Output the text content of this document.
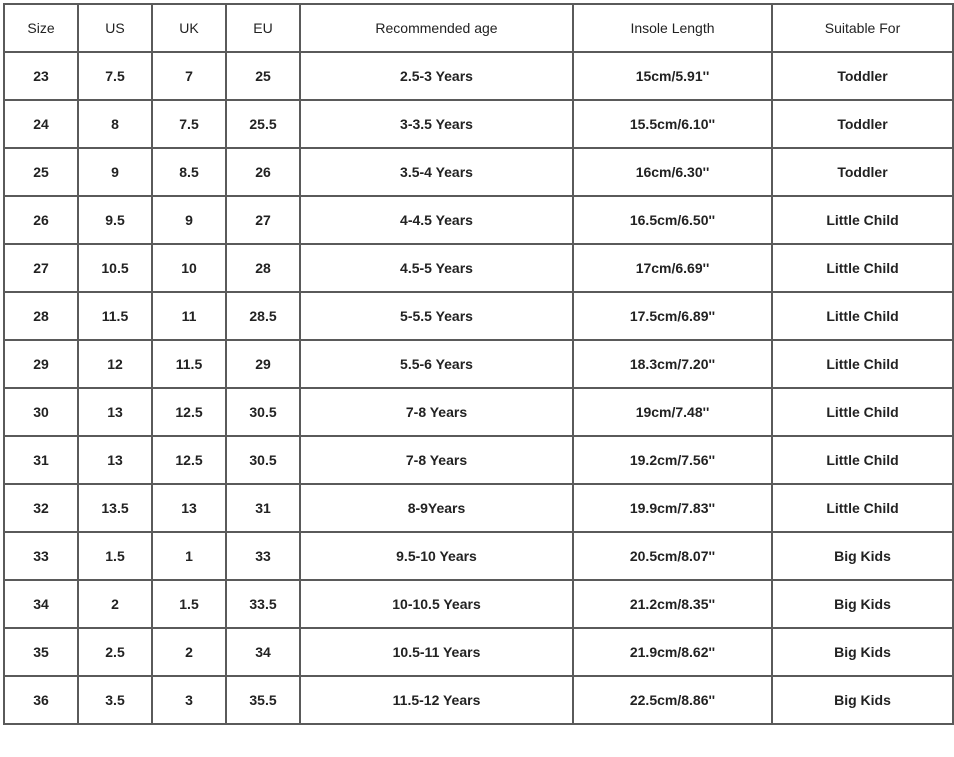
Size	US	UK	EU	Recommended age	Insole Length	Suitable For
23	7.5	7	25	2.5-3 Years	15cm/5.91''	Toddler
24	8	7.5	25.5	3-3.5 Years	15.5cm/6.10''	Toddler
25	9	8.5	26	3.5-4 Years	16cm/6.30''	Toddler
26	9.5	9	27	4-4.5 Years	16.5cm/6.50''	Little Child
27	10.5	10	28	4.5-5 Years	17cm/6.69''	Little Child
28	11.5	11	28.5	5-5.5 Years	17.5cm/6.89''	Little Child
29	12	11.5	29	5.5-6 Years	18.3cm/7.20''	Little Child
30	13	12.5	30.5	7-8 Years	19cm/7.48''	Little Child
31	13	12.5	30.5	7-8 Years	19.2cm/7.56''	Little Child
32	13.5	13	31	8-9Years	19.9cm/7.83''	Little Child
33	1.5	1	33	9.5-10 Years	20.5cm/8.07''	Big Kids
34	2	1.5	33.5	10-10.5 Years	21.2cm/8.35''	Big Kids
35	2.5	2	34	10.5-11 Years	21.9cm/8.62''	Big Kids
36	3.5	3	35.5	11.5-12 Years	22.5cm/8.86''	Big Kids
